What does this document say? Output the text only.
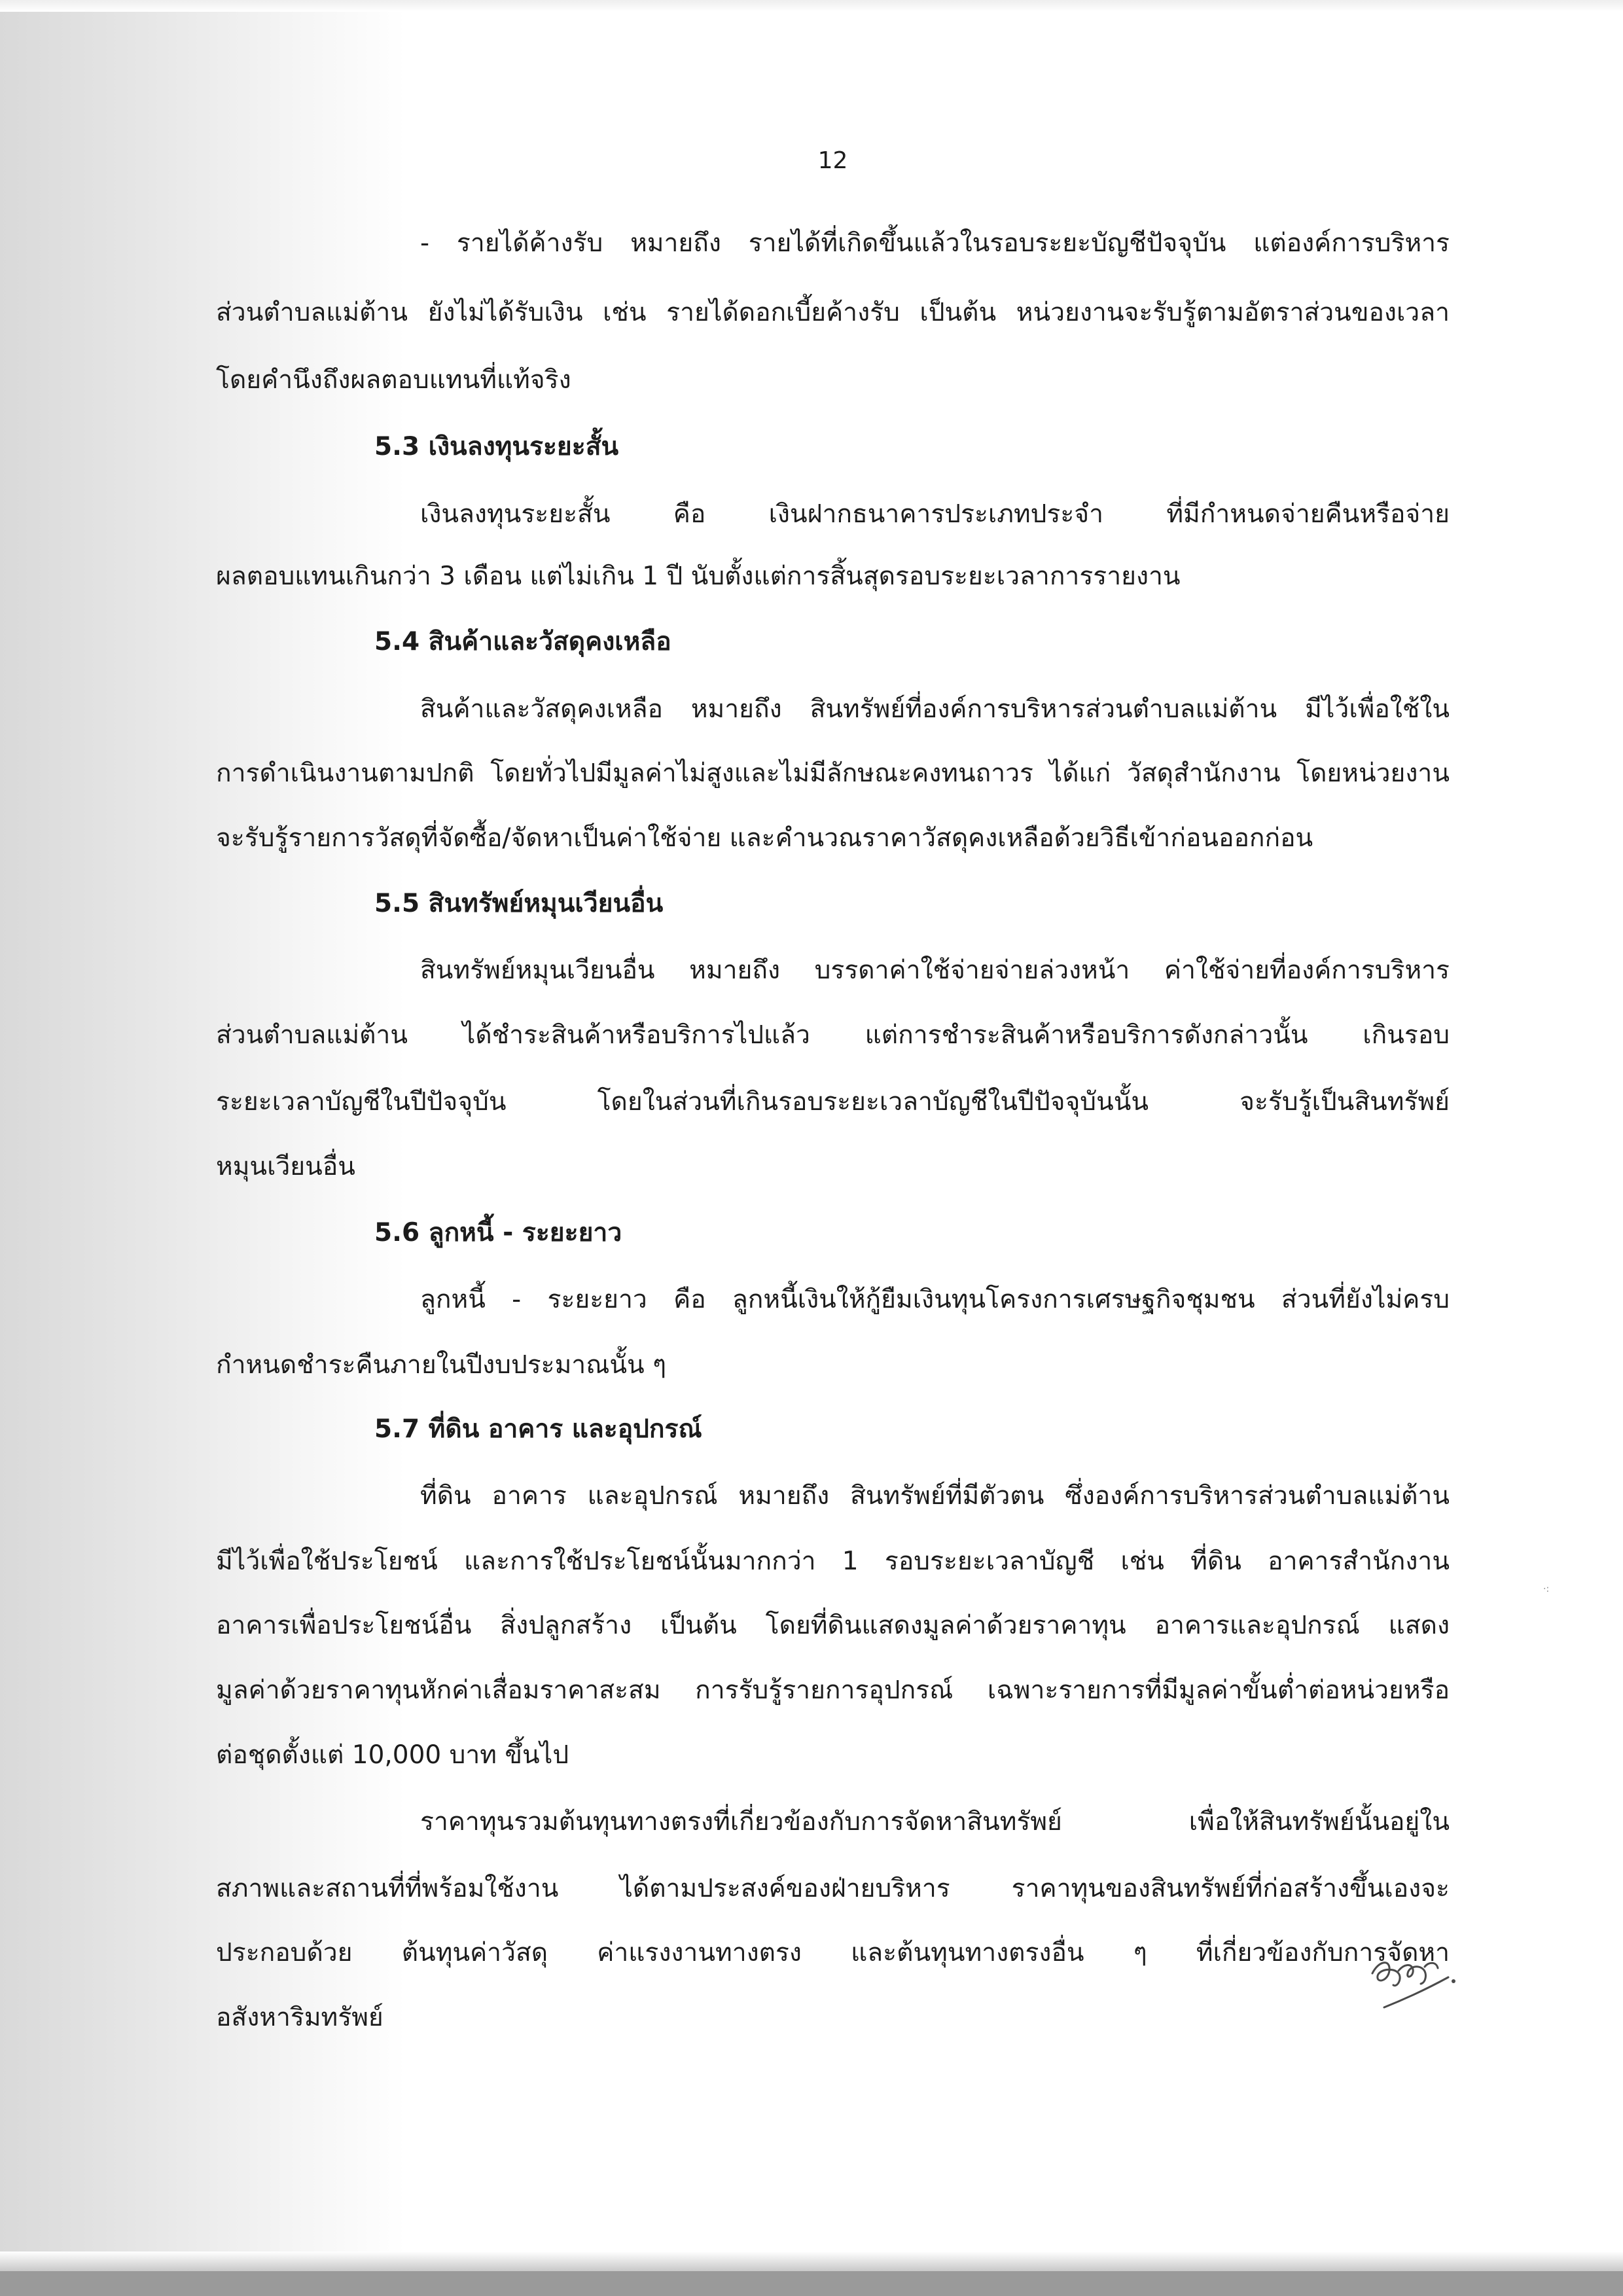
·:
12
- รายได้ค้างรับ หมายถึง รายได้ที่เกิดขึ้นแล้วในรอบระยะบัญชีปัจจุบัน แต่องค์การบริหาร
ส่วนตำบลแม่ต้าน ยังไม่ได้รับเงิน เช่น รายได้ดอกเบี้ยค้างรับ เป็นต้น หน่วยงานจะรับรู้ตามอัตราส่วนของเวลา
โดยคำนึงถึงผลตอบแทนที่แท้จริง
5.3 เงินลงทุนระยะสั้น
เงินลงทุนระยะสั้น คือ เงินฝากธนาคารประเภทประจำ ที่มีกำหนดจ่ายคืนหรือจ่าย
ผลตอบแทนเกินกว่า 3 เดือน แต่ไม่เกิน 1 ปี นับตั้งแต่การสิ้นสุดรอบระยะเวลาการรายงาน
5.4 สินค้าและวัสดุคงเหลือ
สินค้าและวัสดุคงเหลือ หมายถึง สินทรัพย์ที่องค์การบริหารส่วนตำบลแม่ต้าน มีไว้เพื่อใช้ใน
การดำเนินงานตามปกติ โดยทั่วไปมีมูลค่าไม่สูงและไม่มีลักษณะคงทนถาวร ได้แก่ วัสดุสำนักงาน โดยหน่วยงาน
จะรับรู้รายการวัสดุที่จัดซื้อ/จัดหาเป็นค่าใช้จ่าย และคำนวณราคาวัสดุคงเหลือด้วยวิธีเข้าก่อนออกก่อน
5.5 สินทรัพย์หมุนเวียนอื่น
สินทรัพย์หมุนเวียนอื่น หมายถึง บรรดาค่าใช้จ่ายจ่ายล่วงหน้า ค่าใช้จ่ายที่องค์การบริหาร
ส่วนตำบลแม่ต้าน ได้ชำระสินค้าหรือบริการไปแล้ว แต่การชำระสินค้าหรือบริการดังกล่าวนั้น เกินรอบ
ระยะเวลาบัญชีในปีปัจจุบัน โดยในส่วนที่เกินรอบระยะเวลาบัญชีในปีปัจจุบันนั้น จะรับรู้เป็นสินทรัพย์
หมุนเวียนอื่น
5.6 ลูกหนี้ - ระยะยาว
ลูกหนี้ - ระยะยาว คือ ลูกหนี้เงินให้กู้ยืมเงินทุนโครงการเศรษฐกิจชุมชน ส่วนที่ยังไม่ครบ
กำหนดชำระคืนภายในปีงบประมาณนั้น ๆ
5.7 ที่ดิน อาคาร และอุปกรณ์
ที่ดิน อาคาร และอุปกรณ์ หมายถึง สินทรัพย์ที่มีตัวตน ซึ่งองค์การบริหารส่วนตำบลแม่ต้าน
มีไว้เพื่อใช้ประโยชน์ และการใช้ประโยชน์นั้นมากกว่า 1 รอบระยะเวลาบัญชี เช่น ที่ดิน อาคารสำนักงาน
อาคารเพื่อประโยชน์อื่น สิ่งปลูกสร้าง เป็นต้น โดยที่ดินแสดงมูลค่าด้วยราคาทุน อาคารและอุปกรณ์ แสดง
มูลค่าด้วยราคาทุนหักค่าเสื่อมราคาสะสม การรับรู้รายการอุปกรณ์ เฉพาะรายการที่มีมูลค่าขั้นต่ำต่อหน่วยหรือ
ต่อชุดตั้งแต่ 10,000 บาท ขึ้นไป
ราคาทุนรวมต้นทุนทางตรงที่เกี่ยวข้องกับการจัดหาสินทรัพย์ เพื่อให้สินทรัพย์นั้นอยู่ใน
สภาพและสถานที่ที่พร้อมใช้งาน ได้ตามประสงค์ของฝ่ายบริหาร ราคาทุนของสินทรัพย์ที่ก่อสร้างขึ้นเองจะ
ประกอบด้วย ต้นทุนค่าวัสดุ ค่าแรงงานทางตรง และต้นทุนทางตรงอื่น ๆ ที่เกี่ยวข้องกับการจัดหา
อสังหาริมทรัพย์
